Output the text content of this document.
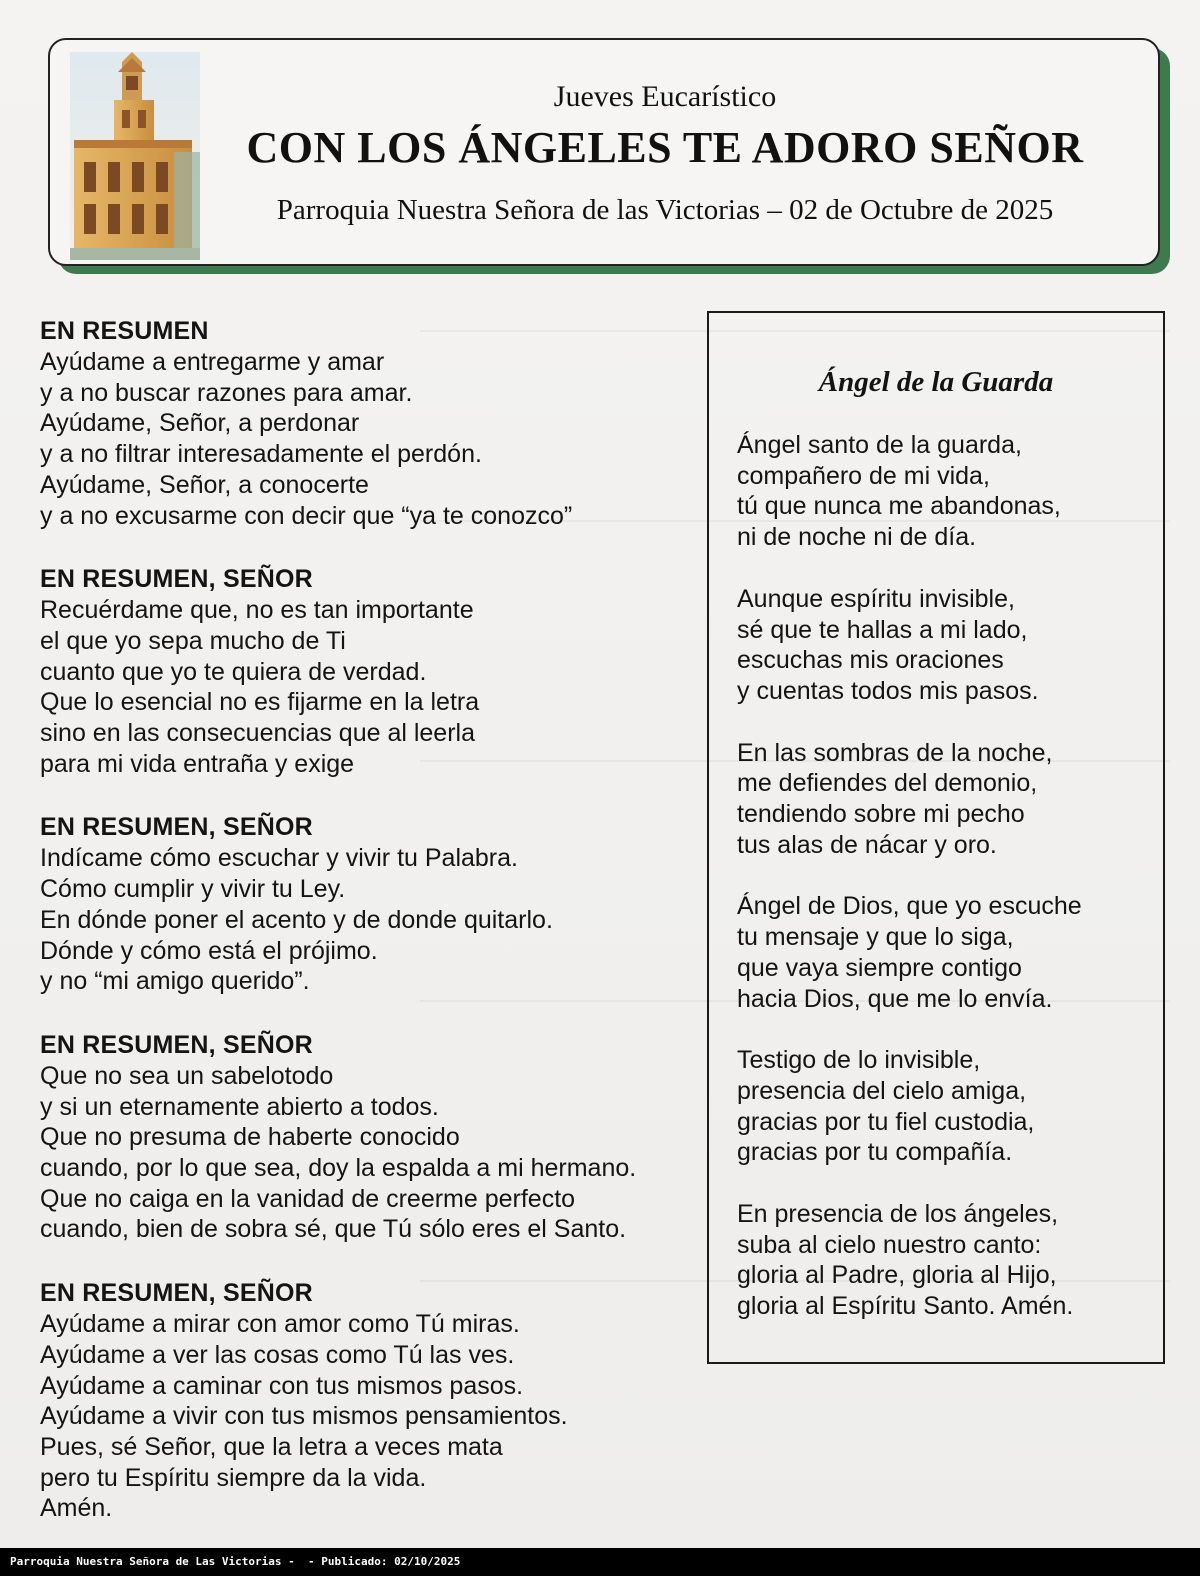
Jueves Eucarístico
CON LOS ÁNGELES TE ADORO SEÑOR
Parroquia Nuestra Señora de las Victorias – 02 de Octubre de 2025
EN RESUMEN
Ayúdame a entregarme y amar
y a no buscar razones para amar.
Ayúdame, Señor, a perdonar
y a no filtrar interesadamente el perdón.
Ayúdame, Señor, a conocerte
y a no excusarme con decir que “ya te conozco”
EN RESUMEN, SEÑOR
Recuérdame que, no es tan importante
el que yo sepa mucho de Ti
cuanto que yo te quiera de verdad.
Que lo esencial no es fijarme en la letra
sino en las consecuencias que al leerla
para mi vida entraña y exige
EN RESUMEN, SEÑOR
Indícame cómo escuchar y vivir tu Palabra.
Cómo cumplir y vivir tu Ley.
En dónde poner el acento y de donde quitarlo.
Dónde y cómo está el prójimo.
y no “mi amigo querido”.
EN RESUMEN, SEÑOR
Que no sea un sabelotodo
y si un eternamente abierto a todos.
Que no presuma de haberte conocido
cuando, por lo que sea, doy la espalda a mi hermano.
Que no caiga en la vanidad de creerme perfecto
cuando, bien de sobra sé, que Tú sólo eres el Santo.
EN RESUMEN, SEÑOR
Ayúdame a mirar con amor como Tú miras.
Ayúdame a ver las cosas como Tú las ves.
Ayúdame a caminar con tus mismos pasos.
Ayúdame a vivir con tus mismos pensamientos.
Pues, sé Señor, que la letra a veces mata
pero tu Espíritu siempre da la vida.
Amén.
Ángel de la Guarda
Ángel santo de la guarda,
compañero de mi vida,
tú que nunca me abandonas,
ni de noche ni de día.
Aunque espíritu invisible,
sé que te hallas a mi lado,
escuchas mis oraciones
y cuentas todos mis pasos.
En las sombras de la noche,
me defiendes del demonio,
tendiendo sobre mi pecho
tus alas de nácar y oro.
Ángel de Dios, que yo escuche
tu mensaje y que lo siga,
que vaya siempre contigo
hacia Dios, que me lo envía.
Testigo de lo invisible,
presencia del cielo amiga,
gracias por tu fiel custodia,
gracias por tu compañía.
En presencia de los ángeles,
suba al cielo nuestro canto:
gloria al Padre, gloria al Hijo,
gloria al Espíritu Santo. Amén.
Parroquia Nuestra Señora de Las Victorias -  - Publicado: 02/10/2025
